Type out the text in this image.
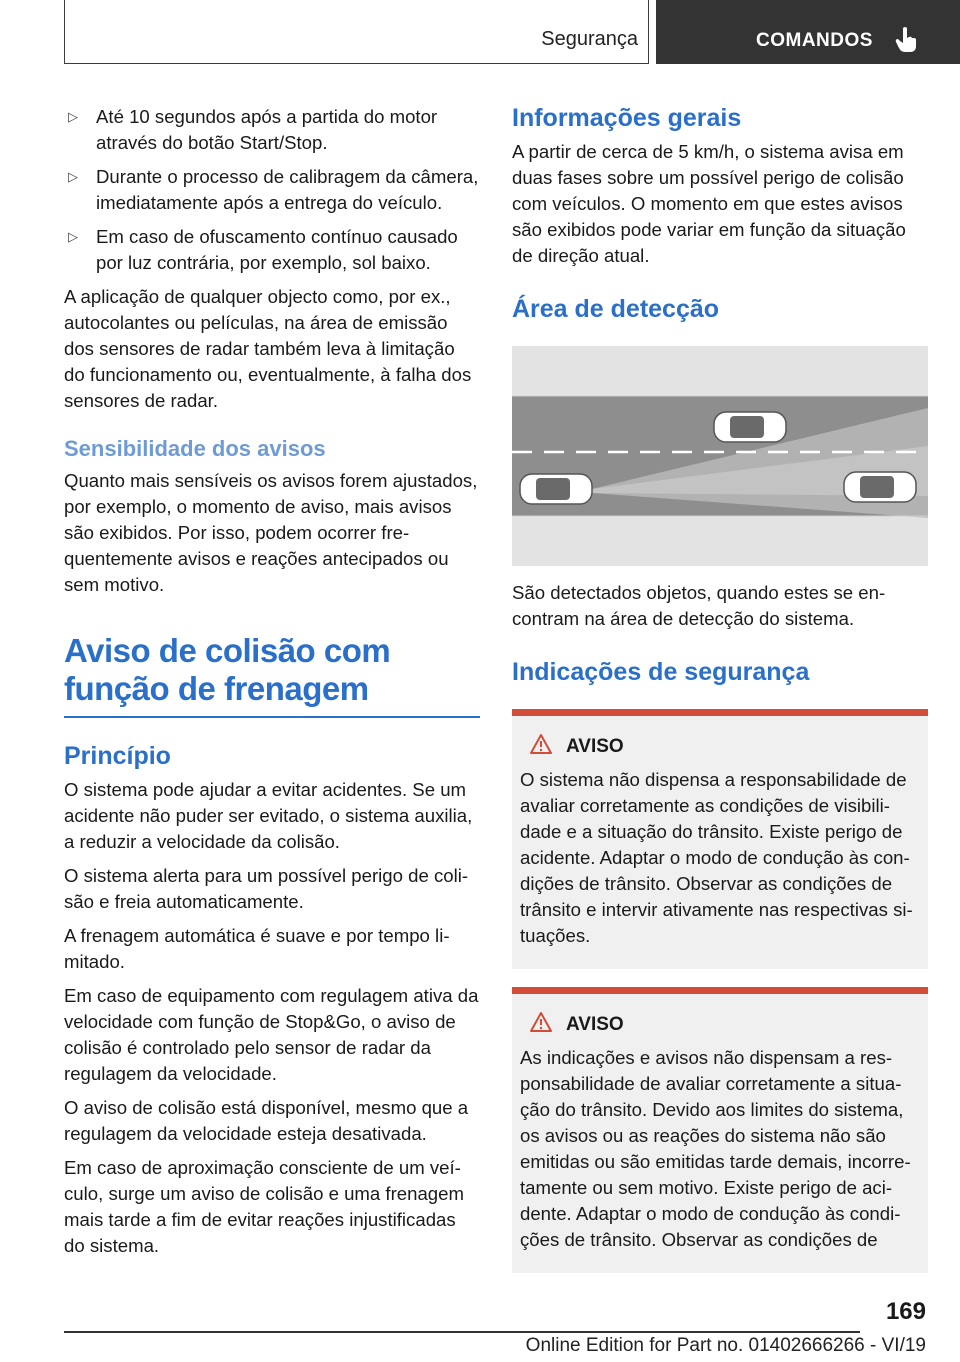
Segurança	COMANDOS
▷ Até 10 segundos após a partida do motor através do botão Start/Stop.
▷ Durante o processo de calibragem da câmera, imediatamente após a entrega do veículo.
▷ Em caso de ofuscamento contínuo causado por luz contrária, por exemplo, sol baixo.

A aplicação de qualquer objecto como, por ex., autocolantes ou películas, na área de emissão dos sensores de radar também leva à limitação do funcionamento ou, eventualmente, à falha dos sensores de radar.

Sensibilidade dos avisos

Quanto mais sensíveis os avisos forem ajustados, por exemplo, o momento de aviso, mais avisos são exibidos. Por isso, podem ocorrer frequentemente avisos e reações antecipados ou sem motivo.

Aviso de colisão com função de frenagem
Princípio

O sistema pode ajudar a evitar acidentes. Se um acidente não puder ser evitado, o sistema auxilia, a reduzir a velocidade da colisão.

O sistema alerta para um possível perigo de colisão e freia automaticamente.

A frenagem automática é suave e por tempo limitado.

Em caso de equipamento com regulagem ativa da velocidade com função de Stop&Go, o aviso de colisão é controlado pelo sensor de radar da regulagem da velocidade.

O aviso de colisão está disponível, mesmo que a regulagem da velocidade esteja desativada.

Em caso de aproximação consciente de um veículo, surge um aviso de colisão e uma frenagem mais tarde a fim de evitar reações injustificadas do sistema.

Informações gerais

A partir de cerca de 5 km/h, o sistema avisa em duas fases sobre um possível perigo de colisão com veículos. O momento em que estes avisos são exibidos pode variar em função da situação de direção atual.

Área de detecção

São detectados objetos, quando estes se encontram na área de detecção do sistema.

Indicações de segurança
AVISO

O sistema não dispensa a responsabilidade de avaliar corretamente as condições de visibilidade e a situação do trânsito. Existe perigo de acidente. Adaptar o modo de condução às condições de trânsito. Observar as condições de trânsito e intervir ativamente nas respectivas situações.

AVISO

As indicações e avisos não dispensam a responsabilidade de avaliar corretamente a situação do trânsito. Devido aos limites do sistema, os avisos ou as reações do sistema não são emitidas ou são emitidas tarde demais, incorretamente ou sem motivo. Existe perigo de acidente. Adaptar o modo de condução às condições de trânsito. Observar as condições de

169
Online Edition for Part no. 01402666266 - VI/19
